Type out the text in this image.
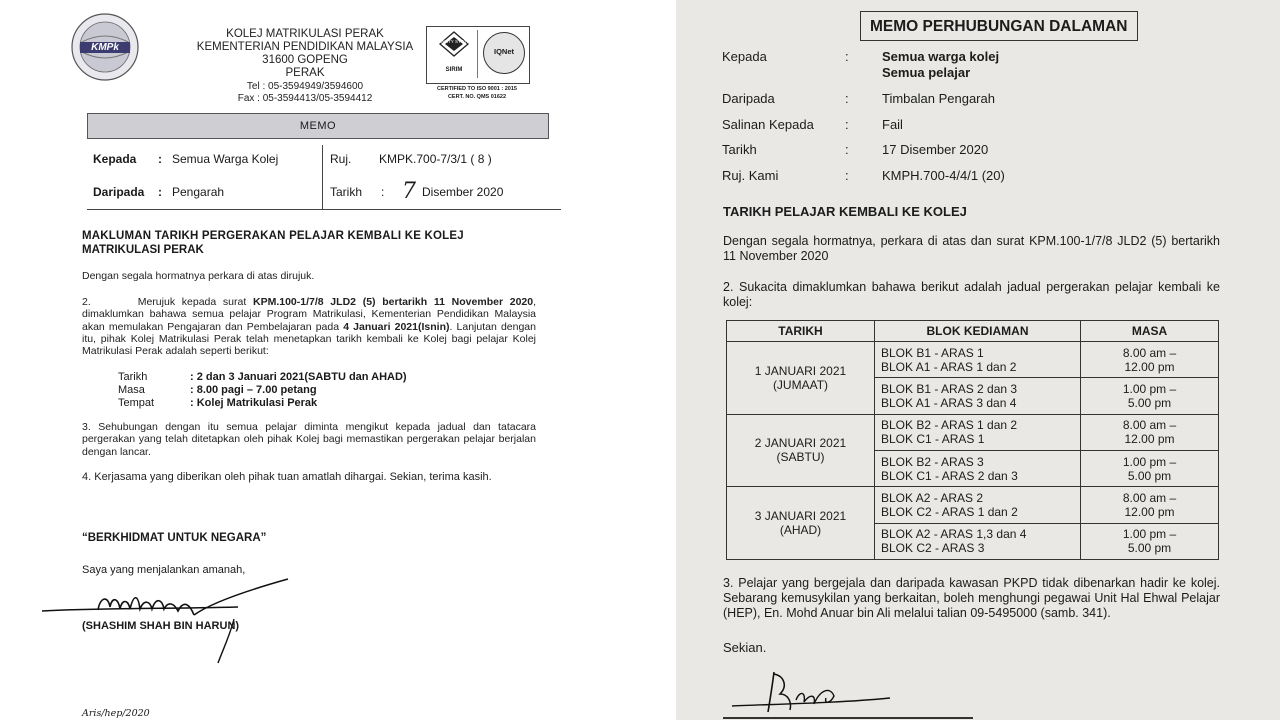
KMPk
KOLEJ MATRIKULASI PERAK
KEMENTERIAN PENDIDIKAN MALAYSIA
31600 GOPENG
PERAK
Tel : 05-3594949/3594600
Fax : 05-3594413/05-3594412
QUALITY SYSTEM
SIRIM
IQNet
CERTIFIED TO ISO 9001 : 2015
CERT. NO. QMS 01622
MEMO
Kepada : Semua Warga Kolej
Daripada : Pengarah
Ruj. KMPK.700-7/3/1 ( 8 )
Tarikh : 7 Disember 2020
MAKLUMAN TARIKH PERGERAKAN PELAJAR KEMBALI KE KOLEJ
MATRIKULASI PERAK
Dengan segala hormatnya perkara di atas dirujuk.
2.	Merujuk kepada surat KPM.100-1/7/8 JLD2 (5) bertarikh 11 November 2020, dimaklumkan bahawa semua pelajar Program Matrikulasi, Kementerian Pendidikan Malaysia akan memulakan Pengajaran dan Pembelajaran pada 4 Januari 2021(Isnin). Lanjutan dengan itu, pihak Kolej Matrikulasi Perak telah menetapkan tarikh kembali ke Kolej bagi pelajar Kolej Matrikulasi Perak adalah seperti berikut:
Tarikh	: 2 dan 3 Januari 2021(SABTU dan AHAD)
Masa	: 8.00 pagi – 7.00 petang
Tempat	: Kolej Matrikulasi Perak
3. Sehubungan dengan itu semua pelajar diminta mengikut kepada jadual dan tatacara pergerakan yang telah ditetapkan oleh pihak Kolej bagi memastikan pergerakan pelajar berjalan dengan lancar.
4. Kerjasama yang diberikan oleh pihak tuan amatlah dihargai. Sekian, terima kasih.
“BERKHIDMAT UNTUK NEGARA”
Saya yang menjalankan amanah,
(SHASHIM SHAH BIN HARUN)
Aris/hep/2020
MEMO PERHUBUNGAN DALAMAN
Kepada	:	Semua warga kolej
Semua pelajar
Daripada	:	Timbalan Pengarah
Salinan Kepada :	Fail
Tarikh	:	17 Disember 2020
Ruj. Kami	:	KMPH.700-4/4/1 (20)
TARIKH PELAJAR KEMBALI KE KOLEJ
Dengan segala hormatnya, perkara di atas dan surat KPM.100-1/7/8 JLD2 (5) bertarikh 11 November 2020
2. Sukacita dimaklumkan bahawa berikut adalah jadual pergerakan pelajar kembali ke kolej:
TARIKH	BLOK KEDIAMAN	MASA

1 JANUARI 2021
(JUMAAT)	BLOK B1 - ARAS 1
BLOK A1 - ARAS 1 dan 2	8.00 am –
12.00 pm

	BLOK B1 - ARAS 2 dan 3
BLOK A1 - ARAS 3 dan 4	1.00 pm –
5.00 pm

2 JANUARI 2021
(SABTU)	BLOK B2 - ARAS 1 dan 2
BLOK C1 - ARAS 1	8.00 am –
12.00 pm

	BLOK B2 - ARAS 3
BLOK C1 - ARAS 2 dan 3	1.00 pm –
5.00 pm

3 JANUARI 2021
(AHAD)	BLOK A2 - ARAS 2
BLOK C2 - ARAS 1 dan 2	8.00 am –
12.00 pm

	BLOK A2 - ARAS 1,3 dan 4
BLOK C2 - ARAS 3	1.00 pm –
5.00 pm
3. Pelajar yang bergejala dan daripada kawasan PKPD tidak dibenarkan hadir ke kolej. Sebarang kemusykilan yang berkaitan, boleh menghungi pegawai Unit Hal Ehwal Pelajar (HEP), En. Mohd Anuar bin Ali melalui talian 09-5495000 (samb. 341).
Sekian.
